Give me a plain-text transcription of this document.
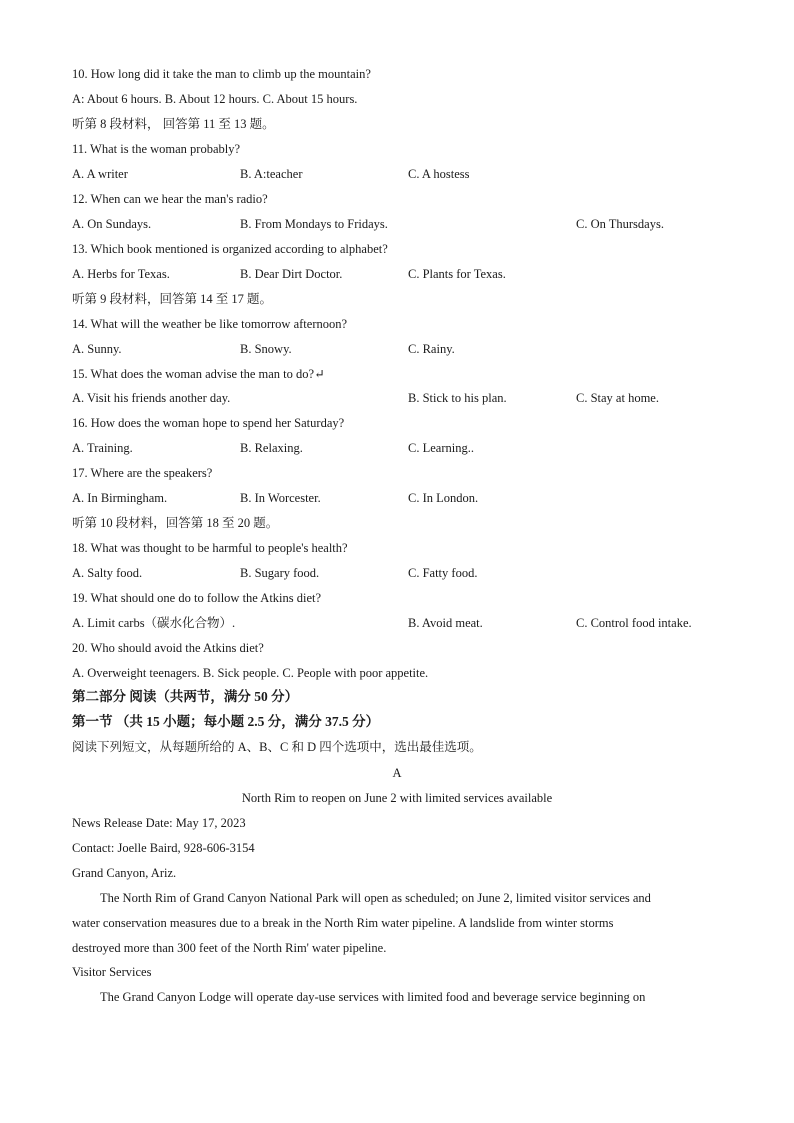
10. How long did it take the man to climb up the mountain?
A: About 6 hours. B. About 12 hours. C. About 15 hours.
听第 8 段材料， 回答第 11 至 13 题。
11. What is the woman probably?
A. A writer	B. A:teacher	C. A hostess
12. When can we hear the man's radio?
A. On Sundays.	B. From Mondays to Fridays.	C. On Thursdays.
13. Which book mentioned is organized according to alphabet?
A. Herbs for Texas.	B. Dear Dirt Doctor.	C. Plants for Texas.
听第 9 段材料，回答第 14 至 17 题。
14. What will the weather be like tomorrow afternoon?
A. Sunny.	B. Snowy.	C. Rainy.
15. What does the woman advise the man to do?↵
A. Visit his friends another day.	B. Stick to his plan.	C. Stay at home.
16. How does the woman hope to spend her Saturday?
A. Training.	B. Relaxing.	C. Learning..
17. Where are the speakers?
A. In Birmingham.	B. In Worcester.	C. In London.
听第 10 段材料，回答第 18 至 20 题。
18. What was thought to be harmful to people's health?
A. Salty food.	B. Sugary food.	C. Fatty food.
19. What should one do to follow the Atkins diet?
A. Limit carbs（碳水化合物）.	B. Avoid meat.	C. Control food intake.
20. Who should avoid the Atkins diet?
A. Overweight teenagers. B. Sick people. C. People with poor appetite.
第二部分 阅读（共两节，满分 50 分）
第一节 （共 15 小题；每小题 2.5 分，满分 37.5 分）
阅读下列短文，从每题所给的 A、B、C 和 D 四个选项中，选出最佳选项。
A
North Rim to reopen on June 2 with limited services available
News Release Date: May 17, 2023
Contact: Joelle Baird, 928-606-3154
Grand Canyon, Ariz.
The North Rim of Grand Canyon National Park will open as scheduled; on June 2, limited visitor services and
water conservation measures due to a break in the North Rim water pipeline. A landslide from winter storms
destroyed more than 300 feet of the North Rim' water pipeline.
Visitor Services
The Grand Canyon Lodge will operate day-use services with limited food and beverage service beginning on
